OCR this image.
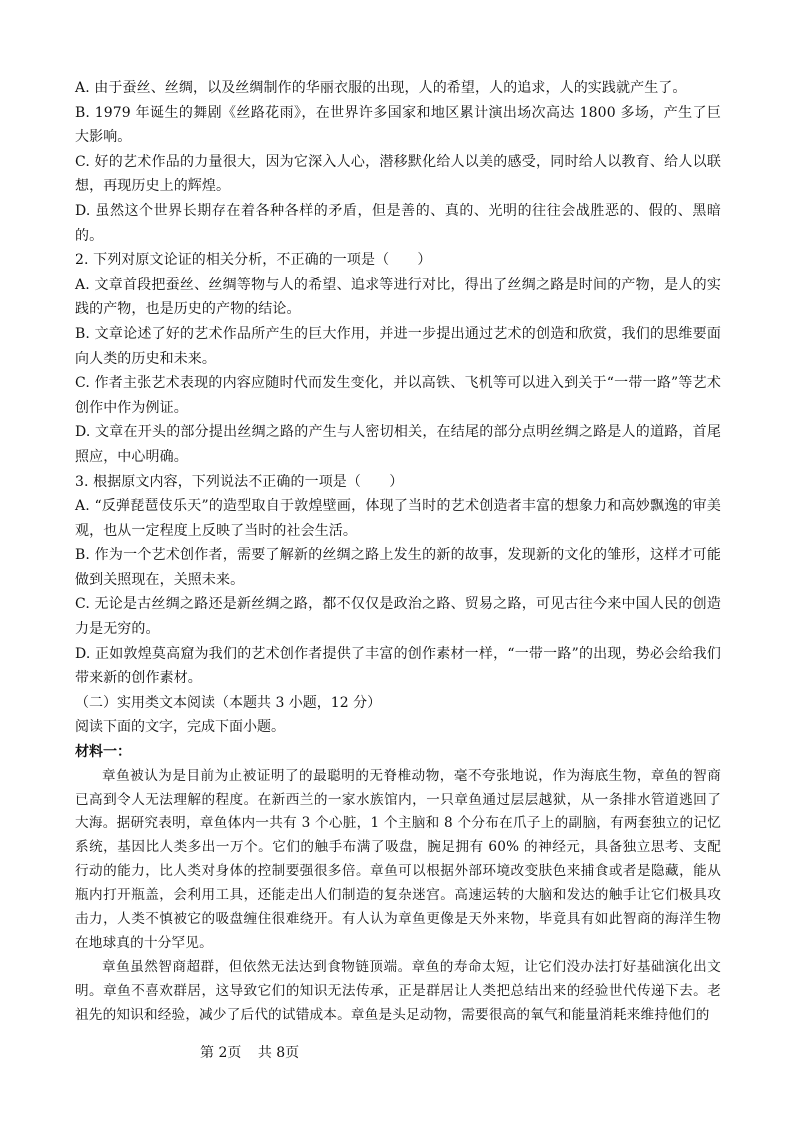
A. 由于蚕丝、丝绸，以及丝绸制作的华丽衣服的出现，人的希望，人的追求，人的实践就产生了。

B. 1979 年诞生的舞剧《丝路花雨》，在世界许多国家和地区累计演出场次高达 1800 多场，产生了巨大影响。

C. 好的艺术作品的力量很大，因为它深入人心，潜移默化给人以美的感受，同时给人以教育、给人以联想，再现历史上的辉煌。

D. 虽然这个世界长期存在着各种各样的矛盾，但是善的、真的、光明的往往会战胜恶的、假的、黑暗的。

2. 下列对原文论证的相关分析，不正确的一项是（　　）

A. 文章首段把蚕丝、丝绸等物与人的希望、追求等进行对比，得出了丝绸之路是时间的产物，是人的实践的产物，也是历史的产物的结论。

B. 文章论述了好的艺术作品所产生的巨大作用，并进一步提出通过艺术的创造和欣赏，我们的思维要面向人类的历史和未来。

C. 作者主张艺术表现的内容应随时代而发生变化，并以高铁、飞机等可以进入到关于“一带一路”等艺术创作中作为例证。

D. 文章在开头的部分提出丝绸之路的产生与人密切相关，在结尾的部分点明丝绸之路是人的道路，首尾照应，中心明确。

3. 根据原文内容，下列说法不正确的一项是（　　）

A. “反弹琵琶伎乐天”的造型取自于敦煌壁画，体现了当时的艺术创造者丰富的想象力和高妙飘逸的审美观，也从一定程度上反映了当时的社会生活。

B. 作为一个艺术创作者，需要了解新的丝绸之路上发生的新的故事，发现新的文化的雏形，这样才可能做到关照现在，关照未来。

C. 无论是古丝绸之路还是新丝绸之路，都不仅仅是政治之路、贸易之路，可见古往今来中国人民的创造力是无穷的。

D. 正如敦煌莫高窟为我们的艺术创作者提供了丰富的创作素材一样，“一带一路”的出现，势必会给我们带来新的创作素材。

（二）实用类文本阅读（本题共 3 小题，12 分）

阅读下面的文字，完成下面小题。

材料一：

章鱼被认为是目前为止被证明了的最聪明的无脊椎动物，毫不夸张地说，作为海底生物，章鱼的智商已高到令人无法理解的程度。在新西兰的一家水族馆内，一只章鱼通过层层越狱，从一条排水管道逃回了大海。据研究表明，章鱼体内一共有 3 个心脏，1 个主脑和 8 个分布在爪子上的副脑，有两套独立的记忆系统，基因比人类多出一万个。它们的触手布满了吸盘，腕足拥有 60% 的神经元，具备独立思考、支配行动的能力，比人类对身体的控制要强很多倍。章鱼可以根据外部环境改变肤色来捕食或者是隐藏，能从瓶内打开瓶盖，会利用工具，还能走出人们制造的复杂迷宫。高速运转的大脑和发达的触手让它们极具攻击力，人类不慎被它的吸盘缠住很难绕开。有人认为章鱼更像是天外来物，毕竟具有如此智商的海洋生物在地球真的十分罕见。

章鱼虽然智商超群，但依然无法达到食物链顶端。章鱼的寿命太短，让它们没办法打好基础演化出文明。章鱼不喜欢群居，这导致它们的知识无法传承，正是群居让人类把总结出来的经验世代传递下去。老祖先的知识和经验，减少了后代的试错成本。章鱼是头足动物，需要很高的氧气和能量消耗来维持他们的

第 2页 共 8页
